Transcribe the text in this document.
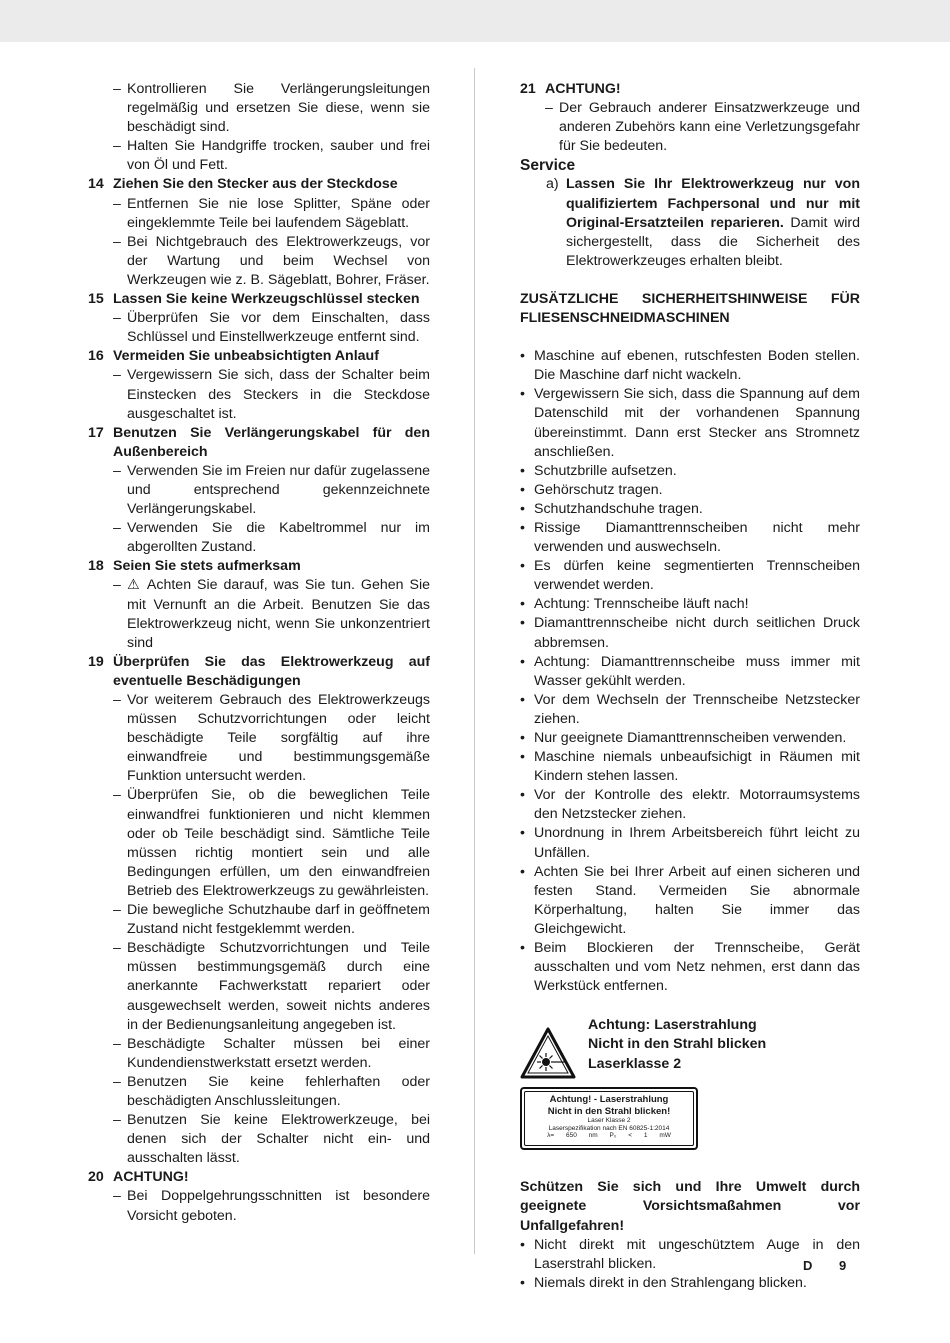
– Kontrollieren Sie Verlängerungsleitungen regelmäßig und ersetzen Sie diese, wenn sie beschädigt sind.
– Halten Sie Handgriffe trocken, sauber und frei von Öl und Fett.
14 Ziehen Sie den Stecker aus der Steckdose
– Entfernen Sie nie lose Splitter, Späne oder eingeklemmte Teile bei laufendem Sägeblatt.
– Bei Nichtgebrauch des Elektrowerkzeugs, vor der Wartung und beim Wechsel von Werkzeugen wie z. B. Sägeblatt, Bohrer, Fräser.
15 Lassen Sie keine Werkzeugschlüssel stecken
– Überprüfen Sie vor dem Einschalten, dass Schlüssel und Einstellwerkzeuge entfernt sind.
16 Vermeiden Sie unbeabsichtigten Anlauf
– Vergewissern Sie sich, dass der Schalter beim Einstecken des Steckers in die Steckdose ausgeschaltet ist.
17 Benutzen Sie Verlängerungskabel für den Außenbereich
– Verwenden Sie im Freien nur dafür zugelassene und entsprechend gekennzeichnete Verlängerungskabel.
– Verwenden Sie die Kabeltrommel nur im abgerollten Zustand.
18 Seien Sie stets aufmerksam
– ⚠ Achten Sie darauf, was Sie tun. Gehen Sie mit Vernunft an die Arbeit. Benutzen Sie das Elektrowerkzeug nicht, wenn Sie unkonzentriert sind
19 Überprüfen Sie das Elektrowerkzeug auf eventuelle Beschädigungen
– Vor weiterem Gebrauch des Elektrowerkzeugs müssen Schutzvorrichtungen oder leicht beschädigte Teile sorgfältig auf ihre einwandfreie und bestimmungsgemäße Funktion untersucht werden.
– Überprüfen Sie, ob die beweglichen Teile einwandfrei funktionieren und nicht klemmen oder ob Teile beschädigt sind. Sämtliche Teile müssen richtig montiert sein und alle Bedingungen erfüllen, um den einwandfreien Betrieb des Elektrowerkzeugs zu gewährleisten.
– Die bewegliche Schutzhaube darf in geöffnetem Zustand nicht festgeklemmt werden.
– Beschädigte Schutzvorrichtungen und Teile müssen bestimmungsgemäß durch eine anerkannte Fachwerkstatt repariert oder ausgewechselt werden, soweit nichts anderes in der Bedienungsanleitung angegeben ist.
– Beschädigte Schalter müssen bei einer Kundendienstwerkstatt ersetzt werden.
– Benutzen Sie keine fehlerhaften oder beschädigten Anschlussleitungen.
– Benutzen Sie keine Elektrowerkzeuge, bei denen sich der Schalter nicht ein- und ausschalten lässt.
20 ACHTUNG!
– Bei Doppelgehrungsschnitten ist besondere Vorsicht geboten.
21 ACHTUNG!
– Der Gebrauch anderer Einsatzwerkzeuge und anderen Zubehörs kann eine Verletzungsgefahr für Sie bedeuten.
Service
a) Lassen Sie Ihr Elektrowerkzeug nur von qualifiziertem Fachpersonal und nur mit Original-Ersatzteilen reparieren. Damit wird sichergestellt, dass die Sicherheit des Elektrowerkzeuges erhalten bleibt.
ZUSÄTZLICHE SICHERHEITSHINWEISE FÜR
FLIESENSCHNEIDMASCHINEN
• Maschine auf ebenen, rutschfesten Boden stellen. Die Maschine darf nicht wackeln.
• Vergewissern Sie sich, dass die Spannung auf dem Datenschild mit der vorhandenen Spannung übereinstimmt. Dann erst Stecker ans Stromnetz anschließen.
• Schutzbrille aufsetzen.
• Gehörschutz tragen.
• Schutzhandschuhe tragen.
• Rissige Diamanttrennscheiben nicht mehr verwenden und auswechseln.
• Es dürfen keine segmentierten Trennscheiben verwendet werden.
• Achtung: Trennscheibe läuft nach!
• Diamanttrennscheibe nicht durch seitlichen Druck abbremsen.
• Achtung: Diamanttrennscheibe muss immer mit Wasser gekühlt werden.
• Vor dem Wechseln der Trennscheibe Netzstecker ziehen.
• Nur geeignete Diamanttrennscheiben verwenden.
• Maschine niemals unbeaufsichigt in Räumen mit Kindern stehen lassen.
• Vor der Kontrolle des elektr. Motorraumsystems den Netzstecker ziehen.
• Unordnung in Ihrem Arbeitsbereich führt leicht zu Unfällen.
• Achten Sie bei Ihrer Arbeit auf einen sicheren und festen Stand. Vermeiden Sie abnormale Körperhaltung, halten Sie immer das Gleichgewicht.
• Beim Blockieren der Trennscheibe, Gerät ausschalten und vom Netz nehmen, erst dann das Werkstück entfernen.
Achtung: Laserstrahlung
Nicht in den Strahl blicken
Laserklasse 2
Achtung! - Laserstrahlung
Nicht in den Strahl blicken!
Laser Klasse 2
Laserspezifikation nach EN 60825-1:2014
λ= 650 nm P₀ < 1 mW
Schützen Sie sich und Ihre Umwelt durch geeignete Vorsichtsmaßahmen vor Unfallgefahren!
• Nicht direkt mit ungeschütztem Auge in den Laserstrahl blicken.
• Niemals direkt in den Strahlengang blicken.
D 9
